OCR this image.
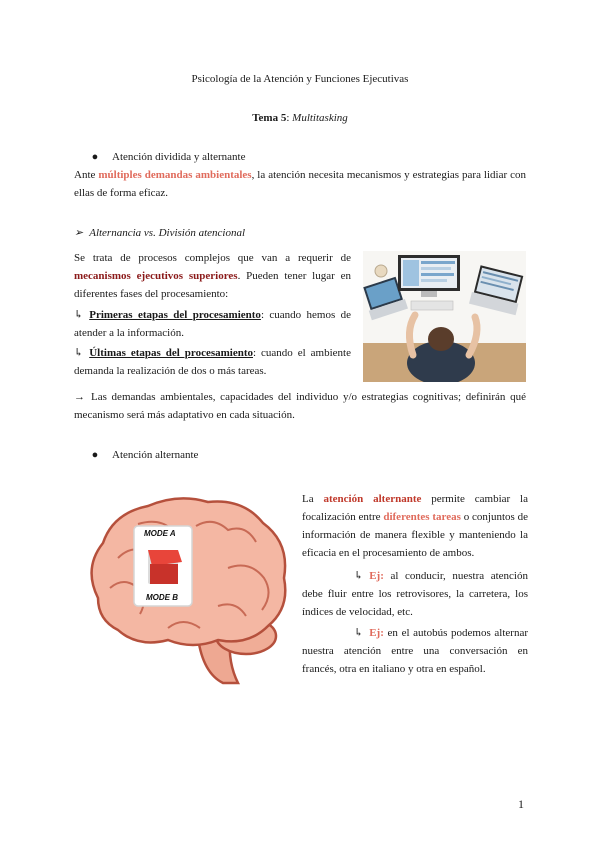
Psicología de la Atención y Funciones Ejecutivas
Tema 5: Multitasking
● Atención dividida y alternante
Ante múltiples demandas ambientales, la atención necesita mecanismos y estrategias para lidiar con ellas de forma eficaz.
➢ Alternancia vs. División atencional
Se trata de procesos complejos que van a requerir de mecanismos ejecutivos superiores. Pueden tener lugar en diferentes fases del procesamiento:
↳ Primeras etapas del procesamiento: cuando hemos de atender a la información.
↳ Últimas etapas del procesamiento: cuando el ambiente demanda la realización de dos o más tareas.
→ Las demandas ambientales, capacidades del individuo y/o estrategias cognitivas; definirán qué mecanismo será más adaptativo en cada situación.
● Atención alternante
MODE A
MODE B
La atención alternante permite cambiar la focalización entre diferentes tareas o conjuntos de información de manera flexible y manteniendo la eficacia en el procesamiento de ambos.
↳ Ej: al conducir, nuestra atención debe fluir entre los retrovisores, la carretera, los índices de velocidad, etc.
↳ Ej: en el autobús podemos alternar nuestra atención entre una conversación en francés, otra en italiano y otra en español.
1
